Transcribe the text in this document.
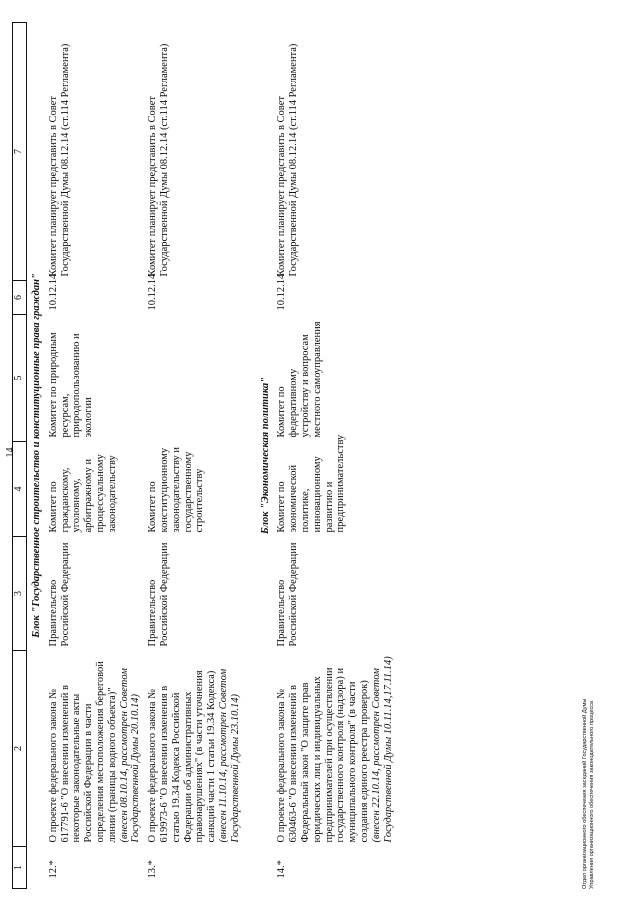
14
1	2	3	4	5	6	7
Блок "Государственное строительство и конституционные права граждан"						
12.*	О проекте федерального закона № 617791-6 "О внесении изменений в некоторые законодательные акты Российской Федерации в части определения местоположения береговой линии (границы водного объекта)" (внесен 08.10.14, рассмотрен Советом Государственной Думы 20.10.14)	Правительство Российской Федерации	Комитет по гражданскому, уголовному, арбитражному и процессуальному законодательству	Комитет по природным ресурсам, природопользованию и экологии	10.12.14	Комитет планирует представить в Совет Государственной Думы 08.12.14 (ст.114 Регламента)
13.*	О проекте федерального закона № 619973-6 "О внесении изменения в статью 19.34 Кодекса Российской Федерации об административных правонарушениях" (в части уточнения санкций части 1 статьи 19.34 Кодекса) (внесен 11.10.14, рассмотрен Советом Государственной Думы 23.10.14)	Правительство Российской Федерации	Комитет по конституционному законодательству и государственному строительству		10.12.14	Комитет планирует представить в Совет Государственной Думы 08.12.14 (ст.114 Регламента)
Блок "Экономическая политика"						
14.*	О проекте федерального закона № 630463-6 "О внесении изменений в Федеральный закон "О защите прав юридических лиц и индивидуальных предпринимателей при осуществлении государственного контроля (надзора) и муниципального контроля" (в части создания единого реестра проверок) (внесен 22.10.14, рассмотрен Советом Государственной Думы 10.11.14,17.11.14)	Правительство Российской Федерации	Комитет по экономической политике, инновационному развитию и предпринимательству	Комитет по федеративному устройству и вопросам местного самоуправления	10.12.14	Комитет планирует представить в Совет Государственной Думы 08.12.14 (ст.114 Регламента)
Отдел организационного обеспечения заседаний Государственной Думы Управления организационного обеспечения законодательного процесса
